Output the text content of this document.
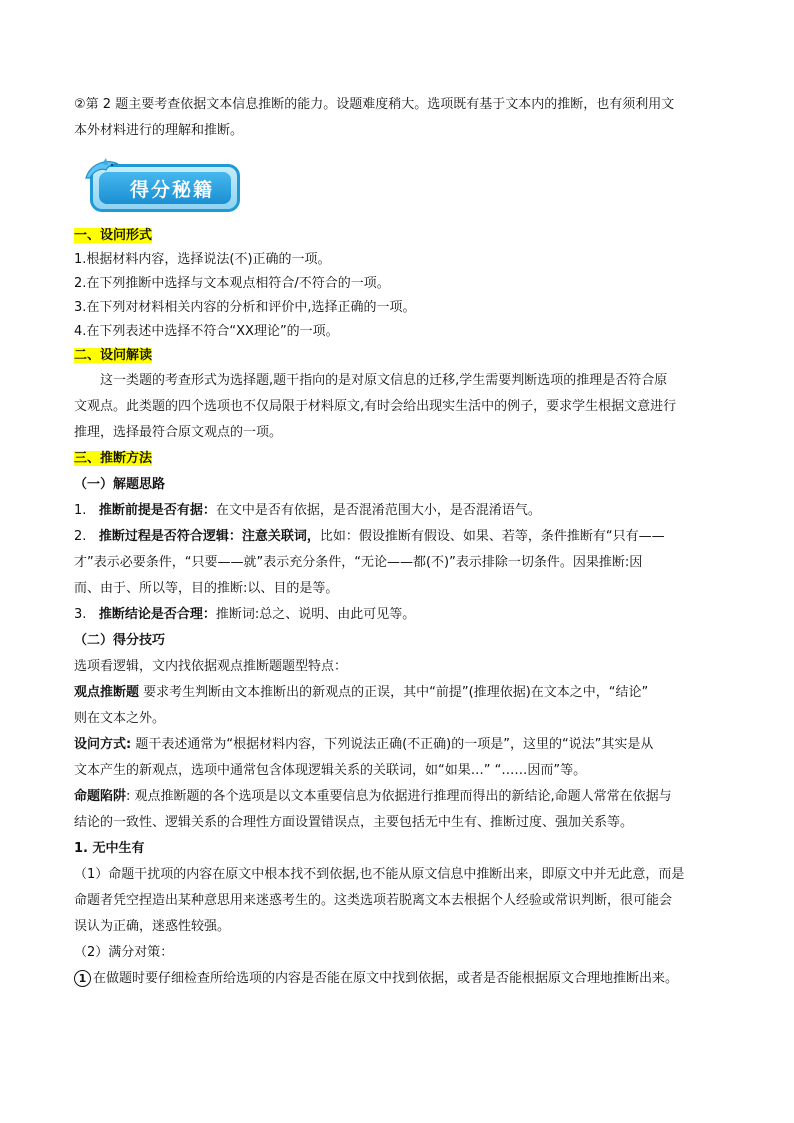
②第 2 题主要考查依据文本信息推断的能力。设题难度稍大。选项既有基于文本内的推断，也有须利用文

本外材料进行的理解和推断。

得分秘籍

一、设问形式

1.根据材料内容，选择说法(不)正确的一项。

2.在下列推断中选择与文本观点相符合/不符合的一项。

3.在下列对材料相关内容的分析和评价中,选择正确的一项。

4.在下列表述中选择不符合“XX理论”的一项。

二、设问解读

这一类题的考查形式为选择题,题干指向的是对原文信息的迁移,学生需要判断选项的推理是否符合原

文观点。此类题的四个选项也不仅局限于材料原文,有时会给出现实生活中的例子，要求学生根据文意进行

推理，选择最符合原文观点的一项。

三、推断方法

（一）解题思路

1. 推断前提是否有据：在文中是否有依据，是否混淆范围大小，是否混淆语气。

2. 推断过程是否符合逻辑：注意关联词，比如：假设推断有假设、如果、若等，条件推断有“只有——

才”表示必要条件，“只要——就”表示充分条件，“无论——都(不)”表示排除一切条件。因果推断:因

而、由于、所以等，目的推断:以、目的是等。

3. 推断结论是否合理：推断词:总之、说明、由此可见等。

（二）得分技巧

选项看逻辑，文内找依据观点推断题题型特点：

观点推断题 要求考生判断由文本推断出的新观点的正误，其中“前提”(推理依据)在文本之中，“结论”

则在文本之外。

设问方式: 题干表述通常为“根据材料内容，下列说法正确(不正确)的一项是”，这里的“说法”其实是从

文本产生的新观点，选项中通常包含体现逻辑关系的关联词，如“如果…” “……因而”等。

命题陷阱: 观点推断题的各个选项是以文本重要信息为依据进行推理而得出的新结论,命题人常常在依据与

结论的一致性、逻辑关系的合理性方面设置错误点，主要包括无中生有、推断过度、强加关系等。

1. 无中生有

（1）命题干扰项的内容在原文中根本找不到依据,也不能从原文信息中推断出来，即原文中并无此意，而是

命题者凭空捏造出某种意思用来迷惑考生的。这类选项若脱离文本去根据个人经验或常识判断，很可能会

误认为正确，迷惑性较强。

（2）满分对策：

1 在做题时要仔细检查所给选项的内容是否能在原文中找到依据，或者是否能根据原文合理地推断出来。
